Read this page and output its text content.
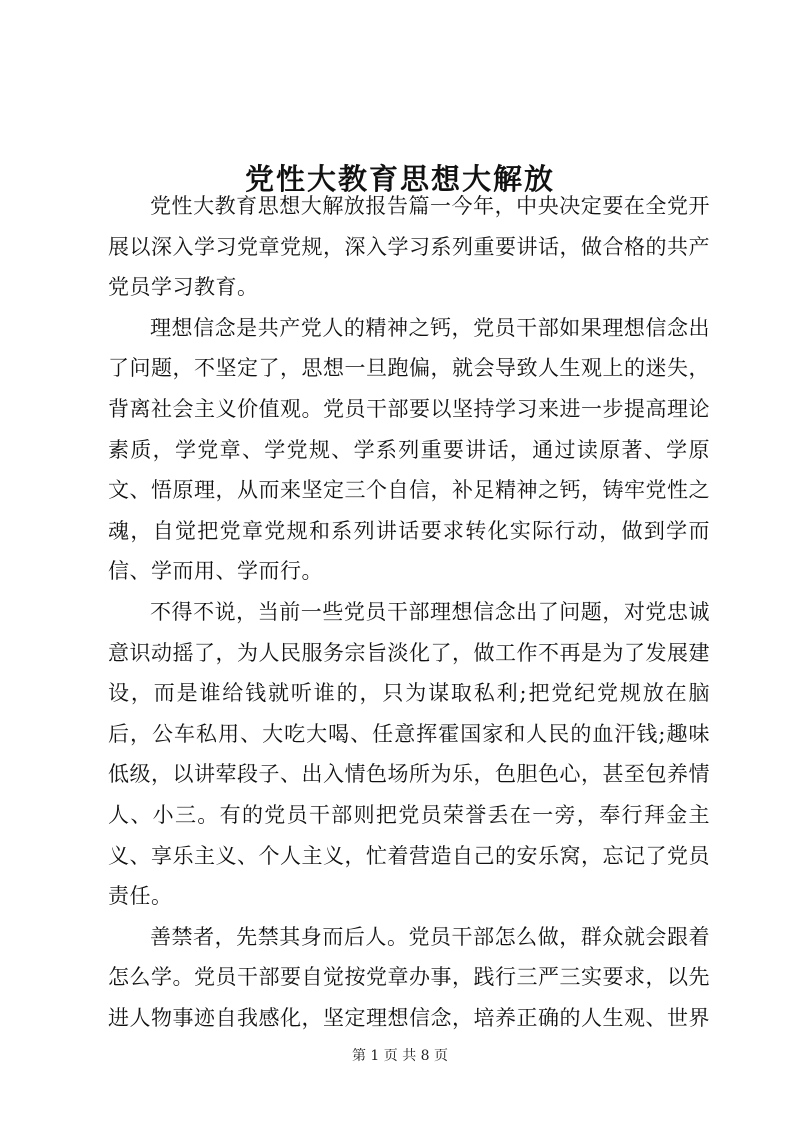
党性大教育思想大解放

党性大教育思想大解放报告篇一今年，中央决定要在全党开展以深入学习党章党规，深入学习系列重要讲话，做合格的共产党员学习教育。

理想信念是共产党人的精神之钙，党员干部如果理想信念出了问题，不坚定了，思想一旦跑偏，就会导致人生观上的迷失，背离社会主义价值观。党员干部要以坚持学习来进一步提高理论素质，学党章、学党规、学系列重要讲话，通过读原著、学原文、悟原理，从而来坚定三个自信，补足精神之钙，铸牢党性之魂，自觉把党章党规和系列讲话要求转化实际行动，做到学而信、学而用、学而行。

不得不说，当前一些党员干部理想信念出了问题，对党忠诚意识动摇了，为人民服务宗旨淡化了，做工作不再是为了发展建设，而是谁给钱就听谁的，只为谋取私利;把党纪党规放在脑后，公车私用、大吃大喝、任意挥霍国家和人民的血汗钱;趣味低级，以讲荤段子、出入情色场所为乐，色胆色心，甚至包养情人、小三。有的党员干部则把党员荣誉丢在一旁，奉行拜金主义、享乐主义、个人主义，忙着营造自己的安乐窝，忘记了党员责任。

善禁者，先禁其身而后人。党员干部怎么做，群众就会跟着怎么学。党员干部要自觉按党章办事，践行三严三实要求，以先进人物事迹自我感化，坚定理想信念，培养正确的人生观、世界

第 1 页 共 8 页
